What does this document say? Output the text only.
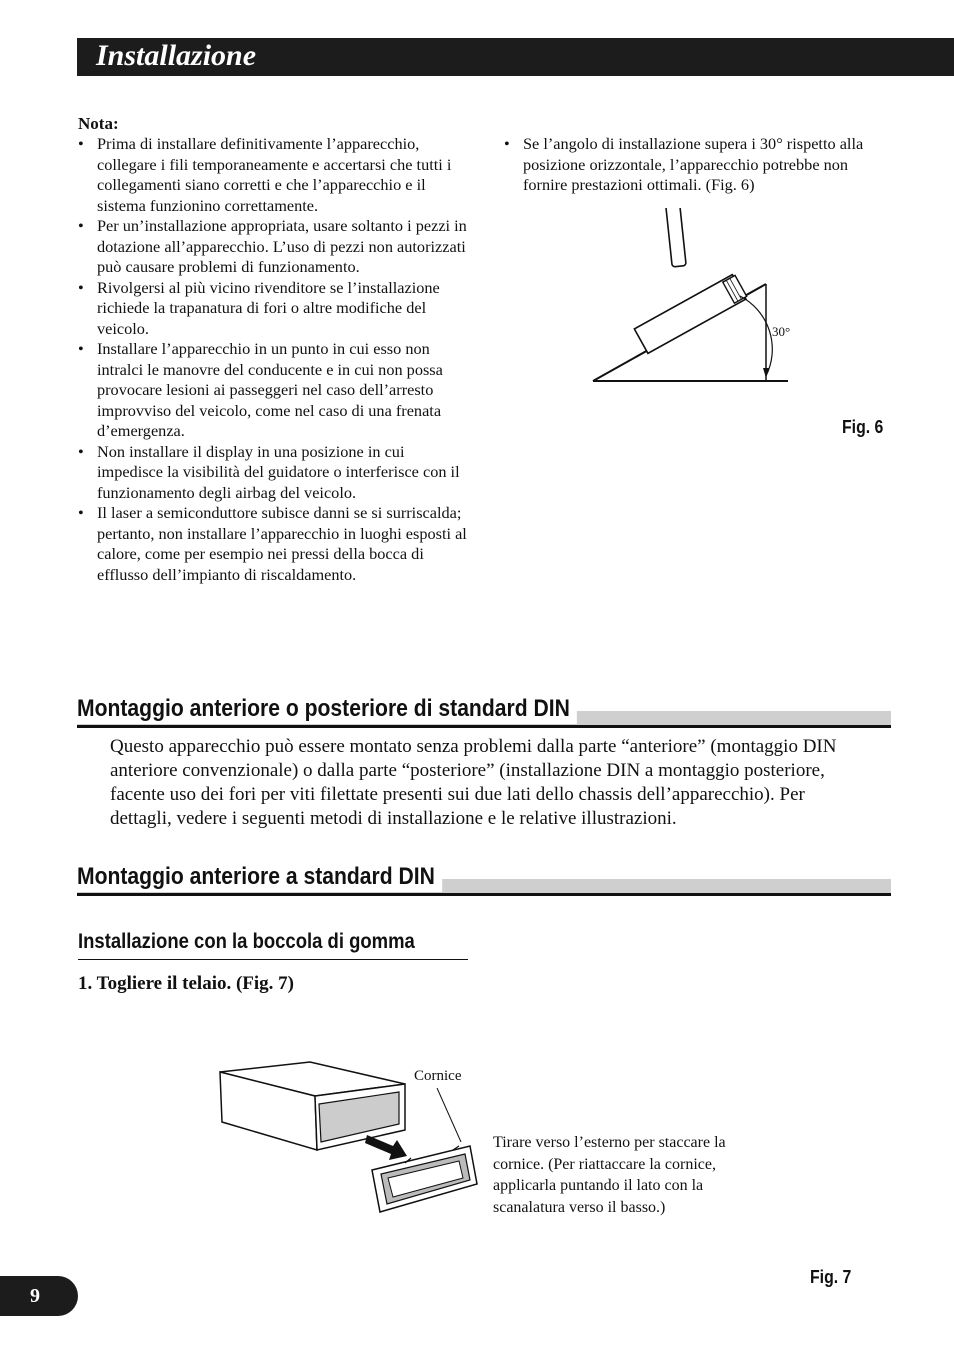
Installazione
Nota:
• Prima di installare definitivamente l’apparecchio, collegare i fili temporaneamente e accertarsi che tutti i collegamenti siano corretti e che l’apparecchio e il sistema funzionino correttamente.
• Per un’installazione appropriata, usare soltanto i pezzi in dotazione all’apparecchio. L’uso di pezzi non autorizzati può causare problemi di funzionamento.
• Rivolgersi al più vicino rivenditore se l’installazione richiede la trapanatura di fori o altre modifiche del veicolo.
• Installare l’apparecchio in un punto in cui esso non intralci le manovre del conducente e in cui non possa provocare lesioni ai passeggeri nel caso dell’arresto improvviso del veicolo, come nel caso di una frenata d’emergenza.
• Non installare il display in una posizione in cui impedisce la visibilità del guidatore o interferisce con il funzionamento degli airbag del veicolo.
• Il laser a semiconduttore subisce danni se si surriscalda; pertanto, non installare l’apparecchio in luoghi esposti al calore, come per esempio nei pressi della bocca di efflusso dell’impianto di riscaldamento.
• Se l’angolo di installazione supera i 30° rispetto alla posizione orizzontale, l’apparecchio potrebbe non fornire prestazioni ottimali. (Fig. 6)
30°
Fig. 6
Montaggio anteriore o posteriore di standard DIN
Questo apparecchio può essere montato senza problemi dalla parte “anteriore” (montaggio DIN anteriore convenzionale) o dalla parte “posteriore” (installazione DIN a montaggio posteriore, facente uso dei fori per viti filettate presenti sui due lati dello chassis dell’apparecchio). Per dettagli, vedere i seguenti metodi di installazione e le relative illustrazioni.
Montaggio anteriore a standard DIN
Installazione con la boccola di gomma
1. Togliere il telaio. (Fig. 7)
Cornice
Tirare verso l’esterno per staccare la cornice. (Per riattaccare la cornice, applicarla puntando il lato con la scanalatura verso il basso.)
Fig. 7
9
